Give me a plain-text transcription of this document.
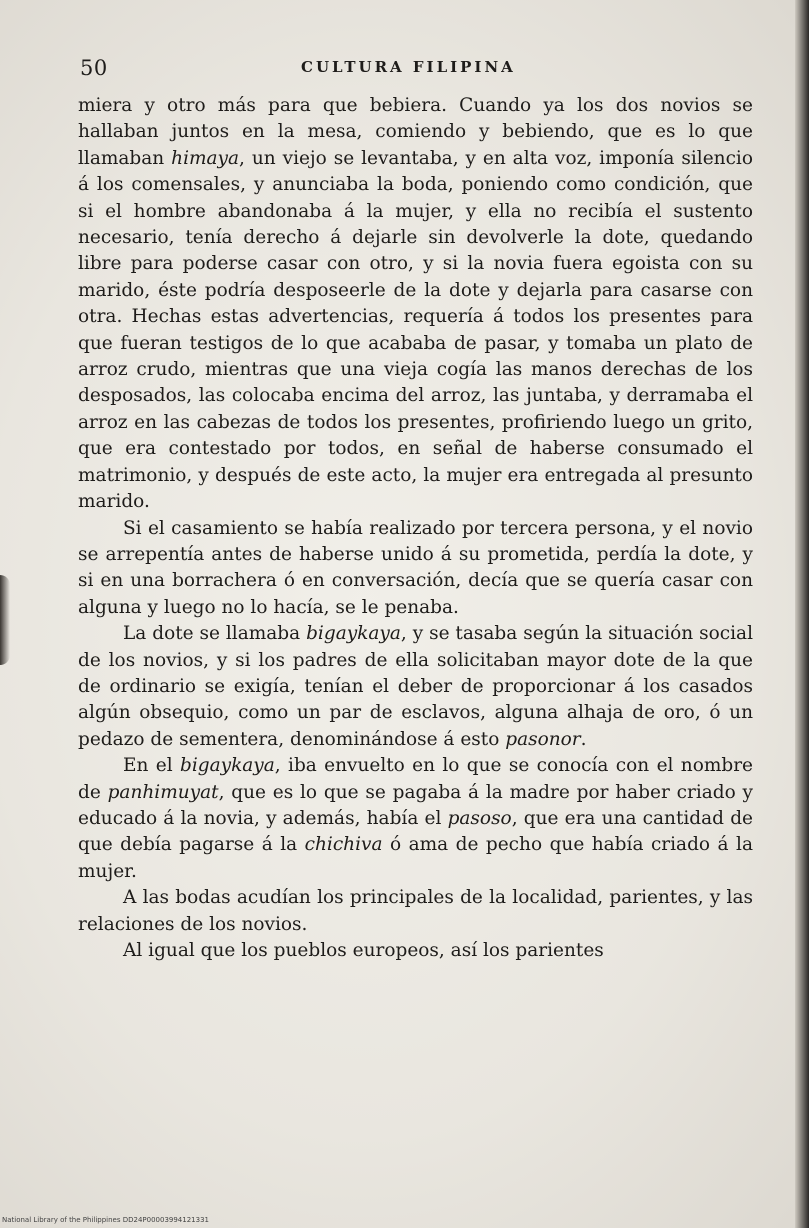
50	CULTURA FILIPINA

miera y otro más para que bebiera. Cuando ya los dos novios se hallaban juntos en la mesa, comiendo y bebiendo, que es lo que llamaban himaya, un viejo se levantaba, y en alta voz, imponía silencio á los comensales, y anunciaba la boda, poniendo como condición, que si el hombre abandonaba á la mujer, y ella no recibía el sustento necesario, tenía derecho á dejarle sin devolverle la dote, quedando libre para poderse casar con otro, y si la novia fuera egoista con su marido, éste podría desposeerle de la dote y dejarla para casarse con otra. Hechas estas advertencias, requería á todos los presentes para que fueran testigos de lo que acababa de pasar, y tomaba un plato de arroz crudo, mientras que una vieja cogía las manos derechas de los desposados, las colocaba encima del arroz, las juntaba, y derramaba el arroz en las cabezas de todos los presentes, profiriendo luego un grito, que era contestado por todos, en señal de haberse consumado el matrimonio, y después de este acto, la mujer era entregada al presunto marido.

Si el casamiento se había realizado por tercera persona, y el novio se arrepentía antes de haberse unido á su prometida, perdía la dote, y si en una borrachera ó en conversación, decía que se quería casar con alguna y luego no lo hacía, se le penaba.

La dote se llamaba bigaykaya, y se tasaba según la situación social de los novios, y si los padres de ella solicitaban mayor dote de la que de ordinario se exigía, tenían el deber de proporcionar á los casados algún obsequio, como un par de esclavos, alguna alhaja de oro, ó un pedazo de sementera, denominándose á esto pasonor.

En el bigaykaya, iba envuelto en lo que se conocía con el nombre de panhimuyat, que es lo que se pagaba á la madre por haber criado y educado á la novia, y además, había el pasoso, que era una cantidad de que debía pagarse á la chichiva ó ama de pecho que había criado á la mujer.

A las bodas acudían los principales de la localidad, parientes, y las relaciones de los novios.

Al igual que los pueblos europeos, así los parientes

National Library of the Philippines DD24P00003994121331
